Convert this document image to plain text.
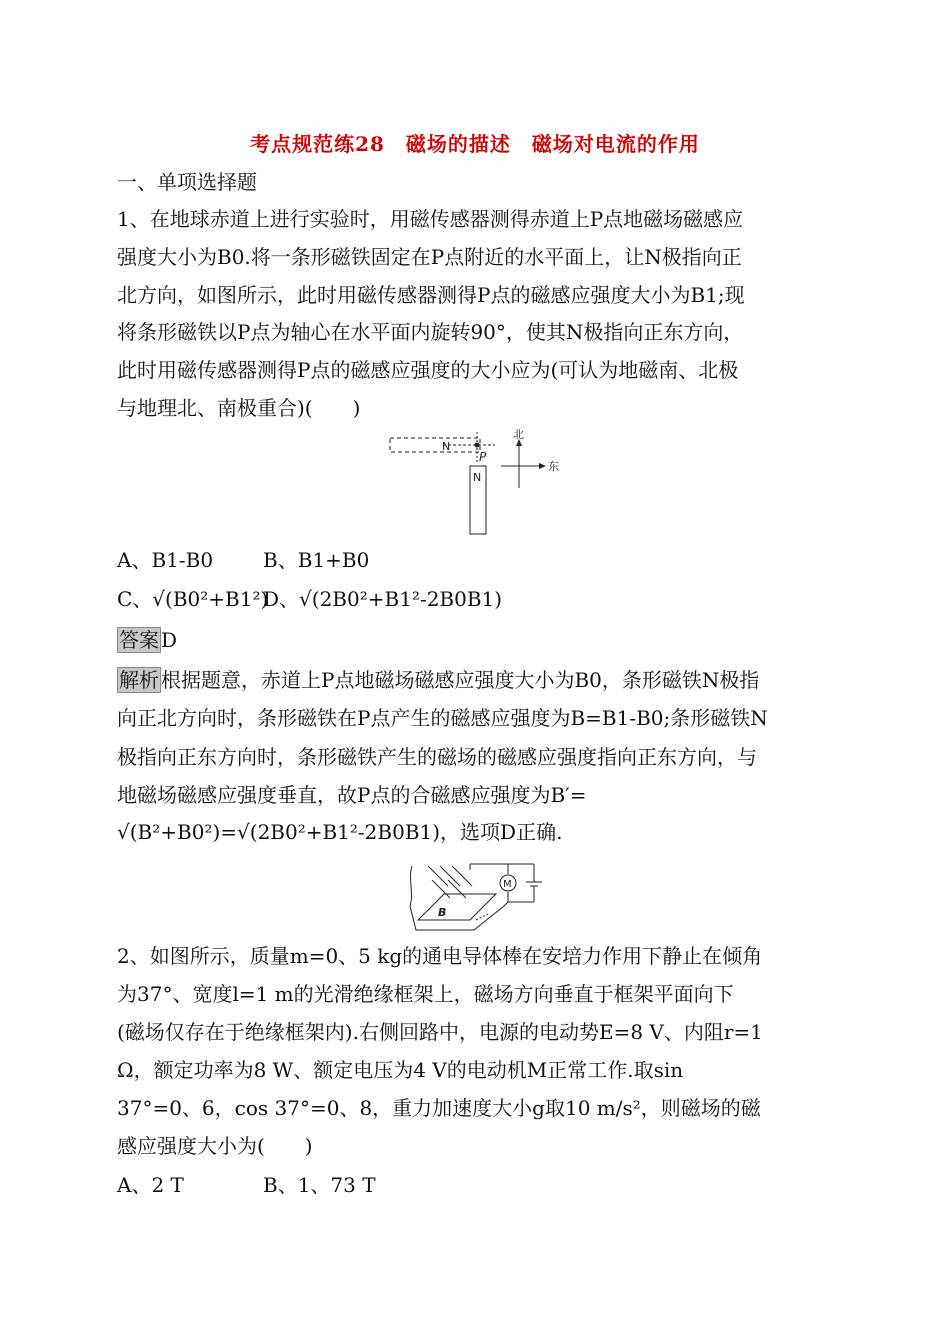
考点规范练28　磁场的描述　磁场对电流的作用
一、单项选择题
1、在地球赤道上进行实验时，用磁传感器测得赤道上P点地磁场磁感应
强度大小为B0.将一条形磁铁固定在P点附近的水平面上，让N极指向正
北方向，如图所示，此时用磁传感器测得P点的磁感应强度大小为B1;现
将条形磁铁以P点为轴心在水平面内旋转90°，使其N极指向正东方向，
此时用磁传感器测得P点的磁感应强度的大小应为(可认为地磁南、北极
与地理北、南极重合)(　　)
N
P
N
北
东
A、B1-B0 B、B1+B0
C、√(B0²+B1²)
D、√(2B0²+B1²-2B0B1)
答案 D
解析 根据题意，赤道上P点地磁场磁感应强度大小为B0，条形磁铁N极指
向正北方向时，条形磁铁在P点产生的磁感应强度为B=B1-B0;条形磁铁N
极指向正东方向时，条形磁铁产生的磁场的磁感应强度指向正东方向，与
地磁场磁感应强度垂直，故P点的合磁感应强度为B′=
√(B²+B0²)=√(2B0²+B1²-2B0B1)，选项D正确.
B
M
2、如图所示，质量m=0、5 kg的通电导体棒在安培力作用下静止在倾角
为37°、宽度l=1 m的光滑绝缘框架上，磁场方向垂直于框架平面向下
(磁场仅存在于绝缘框架内).右侧回路中，电源的电动势E=8 V、内阻r=1
Ω，额定功率为8 W、额定电压为4 V的电动机M正常工作.取sin
37°=0、6，cos 37°=0、8，重力加速度大小g取10 m/s²，则磁场的磁
感应强度大小为(　　)
A、2 T	B、1、73 T
